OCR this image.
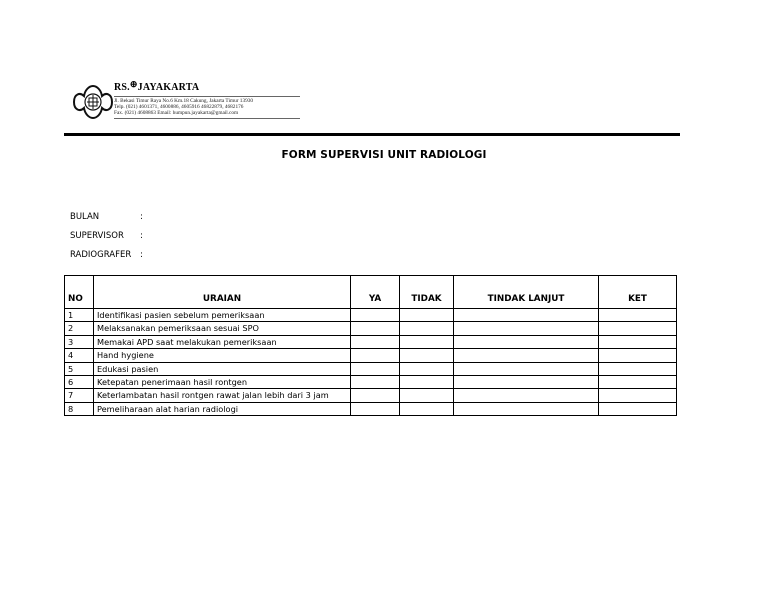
RS.⊕JAYAKARTA
Jl. Bekasi Timur Raya No.6 Km.18 Cakung, Jakarta Timur 13930
Telp. (021) 4601371, 4600886, 4605916 46822879, 4682176
Fax. (021) 4608863 Email: humpun.jayakarta@gmail.com
FORM SUPERVISI UNIT RADIOLOGI
BULAN	:
SUPERVISOR :
RADIOGRAFER :
NO	URAIAN	YA	TIDAK	TINDAK LANJUT	KET
1	Identifikasi pasien sebelum pemeriksaan				
2	Melaksanakan pemeriksaan sesuai SPO				
3	Memakai APD saat melakukan pemeriksaan				
4	Hand hygiene				
5	Edukasi pasien				
6	Ketepatan penerimaan hasil rontgen				
7	Keterlambatan hasil rontgen rawat jalan lebih dari 3 jam				
8	Pemeliharaan alat harian radiologi				
